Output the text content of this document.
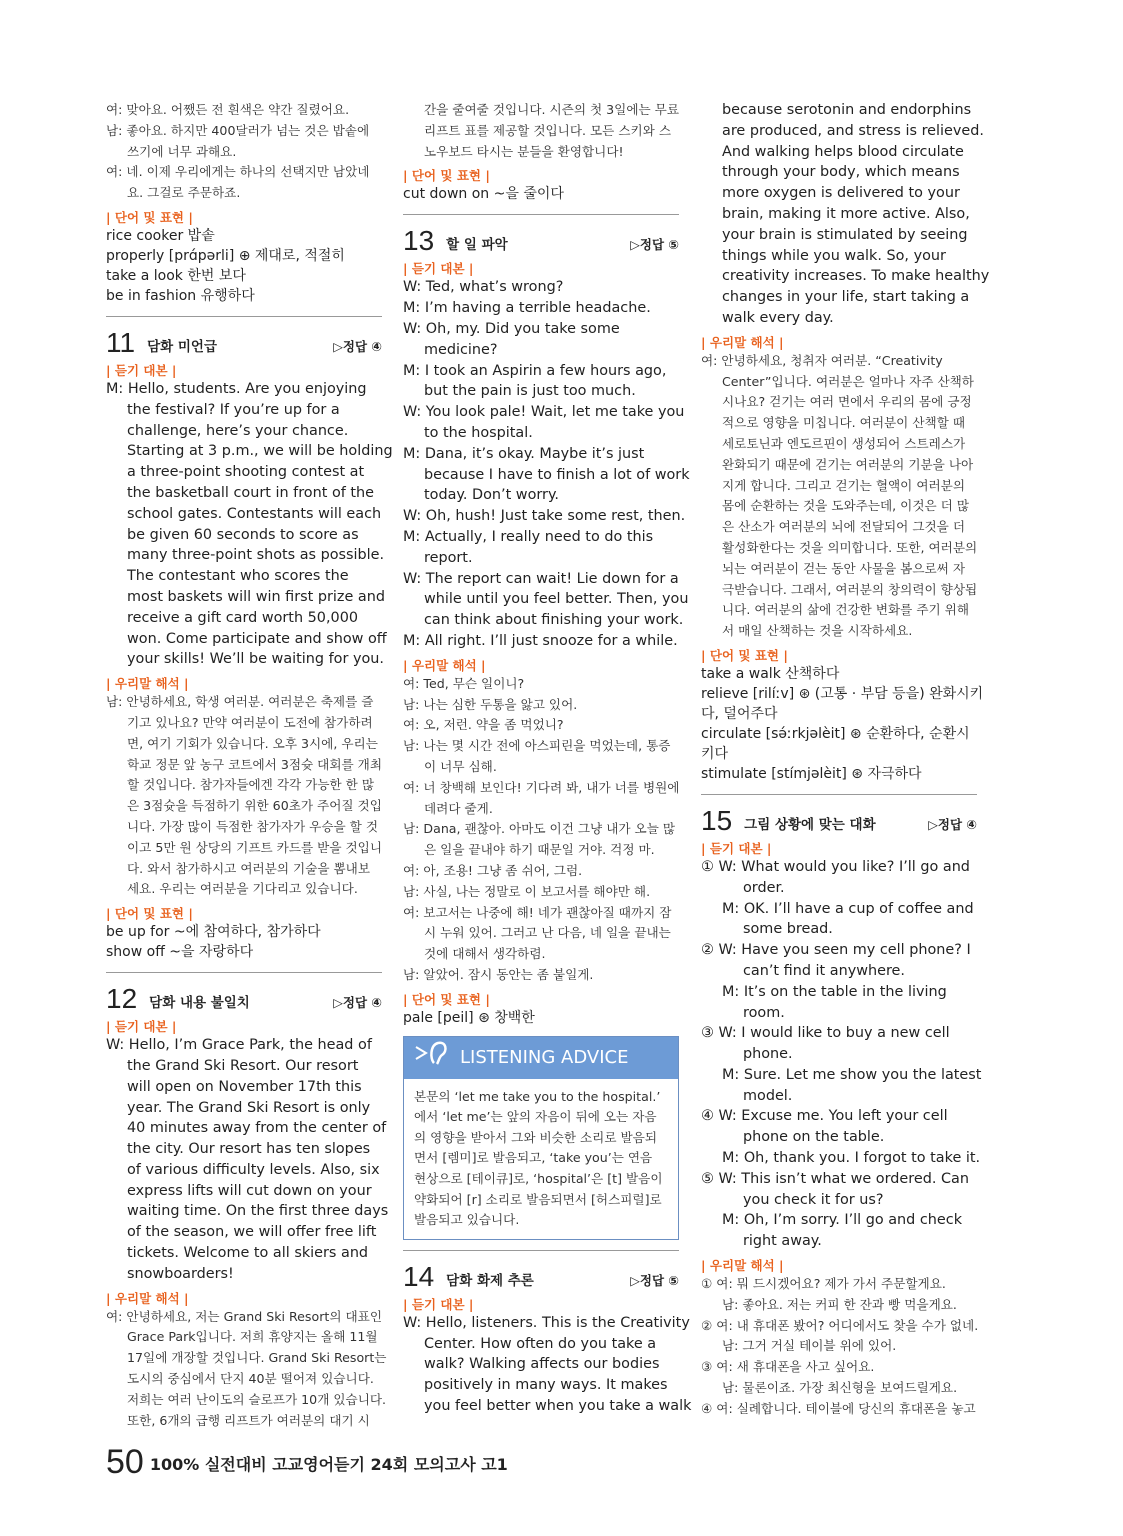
여: 맞아요. 어쨌든 전 흰색은 약간 질렸어요.
남: 좋아요. 하지만 400달러가 넘는 것은 밥솥에
쓰기에 너무 과해요.
여: 네. 이제 우리에게는 하나의 선택지만 남았네
요. 그걸로 주문하죠.
| 단어 및 표현 |
rice cooker 밥솥
properly [prɑ́pərli] ⊕ 제대로, 적절히
take a look 한번 보다
be in fashion 유행하다
11 담화 미언급	▷정답 ④
| 듣기 대본 |
M: Hello, students. Are you enjoying
the festival? If you’re up for a
challenge, here’s your chance.
Starting at 3 p.m., we will be holding
a three-point shooting contest at
the basketball court in front of the
school gates. Contestants will each
be given 60 seconds to score as
many three-point shots as possible.
The contestant who scores the
most baskets will win first prize and
receive a gift card worth 50,000
won. Come participate and show off
your skills! We’ll be waiting for you.
| 우리말 해석 |
남: 안녕하세요, 학생 여러분. 여러분은 축제를 즐
기고 있나요? 만약 여러분이 도전에 참가하려
면, 여기 기회가 있습니다. 오후 3시에, 우리는
학교 정문 앞 농구 코트에서 3점슛 대회를 개최
할 것입니다. 참가자들에겐 각각 가능한 한 많
은 3점슛을 득점하기 위한 60초가 주어질 것입
니다. 가장 많이 득점한 참가자가 우승을 할 것
이고 5만 원 상당의 기프트 카드를 받을 것입니
다. 와서 참가하시고 여러분의 기술을 뽐내보
세요. 우리는 여러분을 기다리고 있습니다.
| 단어 및 표현 |
be up for ~에 참여하다, 참가하다
show off ~을 자랑하다
12 담화 내용 불일치	▷정답 ④
| 듣기 대본 |
W: Hello, I’m Grace Park, the head of
the Grand Ski Resort. Our resort
will open on November 17th this
year. The Grand Ski Resort is only
40 minutes away from the center of
the city. Our resort has ten slopes
of various difficulty levels. Also, six
express lifts will cut down on your
waiting time. On the first three days
of the season, we will offer free lift
tickets. Welcome to all skiers and
snowboarders!
| 우리말 해석 |
여: 안녕하세요, 저는 Grand Ski Resort의 대표인
Grace Park입니다. 저희 휴양지는 올해 11월
17일에 개장할 것입니다. Grand Ski Resort는
도시의 중심에서 단지 40분 떨어져 있습니다.
저희는 여러 난이도의 슬로프가 10개 있습니다.
또한, 6개의 급행 리프트가 여러분의 대기 시
간을 줄여줄 것입니다. 시즌의 첫 3일에는 무료
리프트 표를 제공할 것입니다. 모든 스키와 스
노우보드 타시는 분들을 환영합니다!
| 단어 및 표현 |
cut down on ~을 줄이다
13 할 일 파악	▷정답 ⑤
| 듣기 대본 |
W: Ted, what’s wrong?
M: I’m having a terrible headache.
W: Oh, my. Did you take some
medicine?
M: I took an Aspirin a few hours ago,
but the pain is just too much.
W: You look pale! Wait, let me take you
to the hospital.
M: Dana, it’s okay. Maybe it’s just
because I have to finish a lot of work
today. Don’t worry.
W: Oh, hush! Just take some rest, then.
M: Actually, I really need to do this
report.
W: The report can wait! Lie down for a
while until you feel better. Then, you
can think about finishing your work.
M: All right. I’ll just snooze for a while.
| 우리말 해석 |
여: Ted, 무슨 일이니?
남: 나는 심한 두통을 앓고 있어.
여: 오, 저런. 약을 좀 먹었니?
남: 나는 몇 시간 전에 아스피린을 먹었는데, 통증
이 너무 심해.
여: 너 창백해 보인다! 기다려 봐, 내가 너를 병원에
데려다 줄게.
남: Dana, 괜찮아. 아마도 이건 그냥 내가 오늘 많
은 일을 끝내야 하기 때문일 거야. 걱정 마.
여: 아, 조용! 그냥 좀 쉬어, 그럼.
남: 사실, 나는 정말로 이 보고서를 해야만 해.
여: 보고서는 나중에 해! 네가 괜찮아질 때까지 잠
시 누워 있어. 그러고 난 다음, 네 일을 끝내는
것에 대해서 생각하렴.
남: 알았어. 잠시 동안는 좀 붙일게.
| 단어 및 표현 |
pale [peil] ⊛ 창백한
LISTENING ADVICE
본문의 ‘let me take you to the hospital.’
에서 ‘let me’는 앞의 자음이 뒤에 오는 자음
의 영향을 받아서 그와 비슷한 소리로 발음되
면서 [렘미]로 발음되고, ‘take you’는 연음
현상으로 [테이큐]로, ‘hospital’은 [t] 발음이
약화되어 [r] 소리로 발음되면서 [허스피럴]로
발음되고 있습니다.
14 담화 화제 추론	▷정답 ⑤
| 듣기 대본 |
W: Hello, listeners. This is the Creativity
Center. How often do you take a
walk? Walking affects our bodies
positively in many ways. It makes
you feel better when you take a walk
because serotonin and endorphins
are produced, and stress is relieved.
And walking helps blood circulate
through your body, which means
more oxygen is delivered to your
brain, making it more active. Also,
your brain is stimulated by seeing
things while you walk. So, your
creativity increases. To make healthy
changes in your life, start taking a
walk every day.
| 우리말 해석 |
여: 안녕하세요, 청취자 여러분. “Creativity
Center”입니다. 여러분은 얼마나 자주 산책하
시나요? 걷기는 여러 면에서 우리의 몸에 긍정
적으로 영향을 미칩니다. 여러분이 산책할 때
세로토닌과 엔도르핀이 생성되어 스트레스가
완화되기 때문에 걷기는 여러분의 기분을 나아
지게 합니다. 그리고 걷기는 혈액이 여러분의
몸에 순환하는 것을 도와주는데, 이것은 더 많
은 산소가 여러분의 뇌에 전달되어 그것을 더
활성화한다는 것을 의미합니다. 또한, 여러분의
뇌는 여러분이 걷는 동안 사물을 봄으로써 자
극받습니다. 그래서, 여러분의 창의력이 향상됩
니다. 여러분의 삶에 건강한 변화를 주기 위해
서 매일 산책하는 것을 시작하세요.
| 단어 및 표현 |
take a walk 산책하다
relieve [rilíːv] ⊛ (고통 · 부담 등을) 완화시키
다, 덜어주다
circulate [sə́ːrkjəlèit] ⊛ 순환하다, 순환시
키다
stimulate [stímjəlèit] ⊛ 자극하다
15 그림 상황에 맞는 대화	▷정답 ④
| 듣기 대본 |
① W: What would you like? I’ll go and
order.
M: OK. I’ll have a cup of coffee and
some bread.
② W: Have you seen my cell phone? I
can’t find it anywhere.
M: It’s on the table in the living
room.
③ W: I would like to buy a new cell
phone.
M: Sure. Let me show you the latest
model.
④ W: Excuse me. You left your cell
phone on the table.
M: Oh, thank you. I forgot to take it.
⑤ W: This isn’t what we ordered. Can
you check it for us?
M: Oh, I’m sorry. I’ll go and check
right away.
| 우리말 해석 |
① 여: 뭐 드시겠어요? 제가 가서 주문할게요.
남: 좋아요. 저는 커피 한 잔과 빵 먹을게요.
② 여: 내 휴대폰 봤어? 어디에서도 찾을 수가 없네.
남: 그거 거실 테이블 위에 있어.
③ 여: 새 휴대폰을 사고 싶어요.
남: 물론이죠. 가장 최신형을 보여드릴게요.
④ 여: 실례합니다. 테이블에 당신의 휴대폰을 놓고
50 100% 실전대비 고교영어듣기 24회 모의고사 고1
